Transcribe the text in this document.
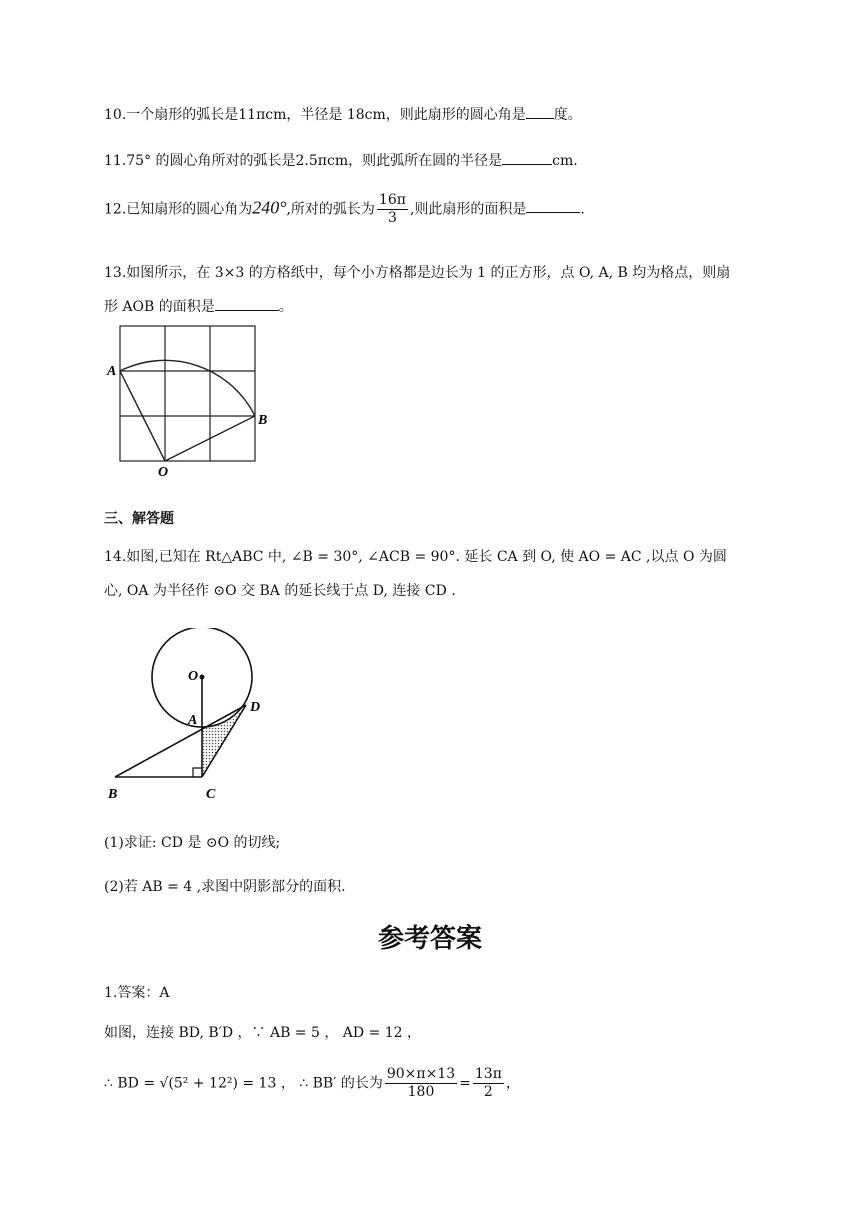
10.一个扇形的弧长是11πcm，半径是 18cm，则此扇形的圆心角是 度。
11.75° 的圆心角所对的弧长是2.5πcm，则此弧所在圆的半径是	cm.
12.已知扇形的圆心角为240°,所对的弧长为 $\frac{16\pi}{3}$ ,则此扇形的面积是	.
13.如图所示，在 3×3 的方格纸中，每个小方格都是边长为 1 的正方形，点 O, A, B 均为格点，则扇
形 AOB 的面积是	。
A
B
O
三、解答题
14.如图,已知在 Rt△ABC 中, ∠B = 30°, ∠ACB = 90°. 延长 CA 到 O, 使 AO = AC ,以点 O 为圆
心, OA 为半径作 ⊙O 交 BA 的延长线于点 D, 连接 CD .
O
A
D
B	C
(1)求证: CD 是 ⊙O 的切线;
(2)若 AB = 4 ,求图中阴影部分的面积.
参考答案
1.答案：A
如图，连接 BD, B′D ，∵ AB = 5 ， AD = 12 ，
∴ BD = √(5² + 12²) = 13 ， ∴ BB′ 的长为 $\frac{90\times\pi\times 13}{180} = \frac{13\pi}{2}$ ，
